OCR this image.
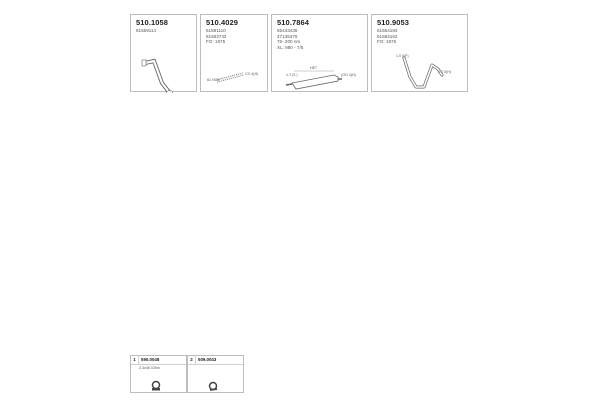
510.1058
61559114
510.4029
61581110
61583742
FO: 1975
61 NO6
CO 4(H)
510.7864
65443436
47135376
76- 200 nm
XL: 980 - 7/5
HE7
1.T (3 )	(OO 4(H)
510.9053
61554184
61584162
FO: 1975
1.0 0(F)
2.0 0(H)
1 590.0048
2.3x45 025m
2 509.0043
